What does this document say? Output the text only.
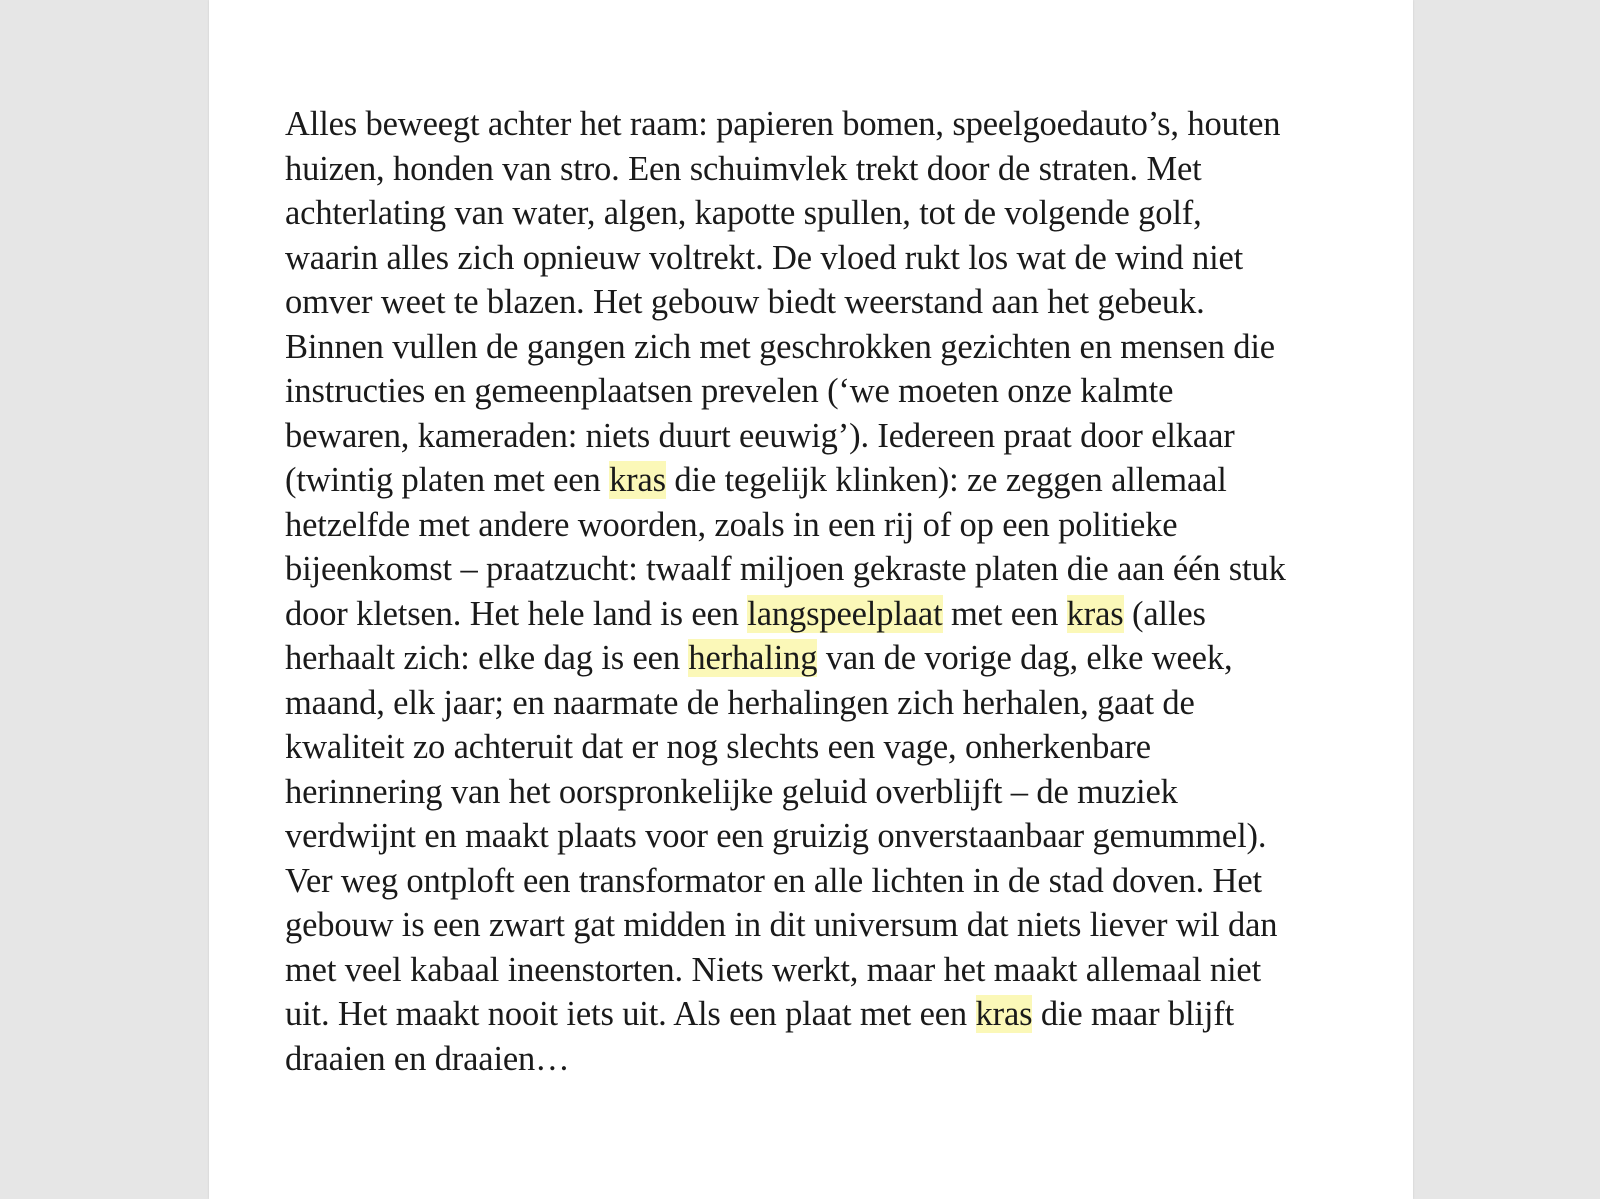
Alles beweegt achter het raam: papieren bomen, speelgoedauto’s, houten
huizen, honden van stro. Een schuimvlek trekt door de straten. Met
achterlating van water, algen, kapotte spullen, tot de volgende golf,
waarin alles zich opnieuw voltrekt. De vloed rukt los wat de wind niet
omver weet te blazen. Het gebouw biedt weerstand aan het gebeuk.
Binnen vullen de gangen zich met geschrokken gezichten en mensen die
instructies en gemeenplaatsen prevelen (‘we moeten onze kalmte
bewaren, kameraden: niets duurt eeuwig’). Iedereen praat door elkaar
(twintig platen met een kras die tegelijk klinken): ze zeggen allemaal
hetzelfde met andere woorden, zoals in een rij of op een politieke
bijeenkomst – praatzucht: twaalf miljoen gekraste platen die aan één stuk
door kletsen. Het hele land is een langspeelplaat met een kras (alles
herhaalt zich: elke dag is een herhaling van de vorige dag, elke week,
maand, elk jaar; en naarmate de herhalingen zich herhalen, gaat de
kwaliteit zo achteruit dat er nog slechts een vage, onherkenbare
herinnering van het oorspronkelijke geluid overblijft – de muziek
verdwijnt en maakt plaats voor een gruizig onverstaanbaar gemummel).
Ver weg ontploft een transformator en alle lichten in de stad doven. Het
gebouw is een zwart gat midden in dit universum dat niets liever wil dan
met veel kabaal ineenstorten. Niets werkt, maar het maakt allemaal niet
uit. Het maakt nooit iets uit. Als een plaat met een kras die maar blijft
draaien en draaien…
